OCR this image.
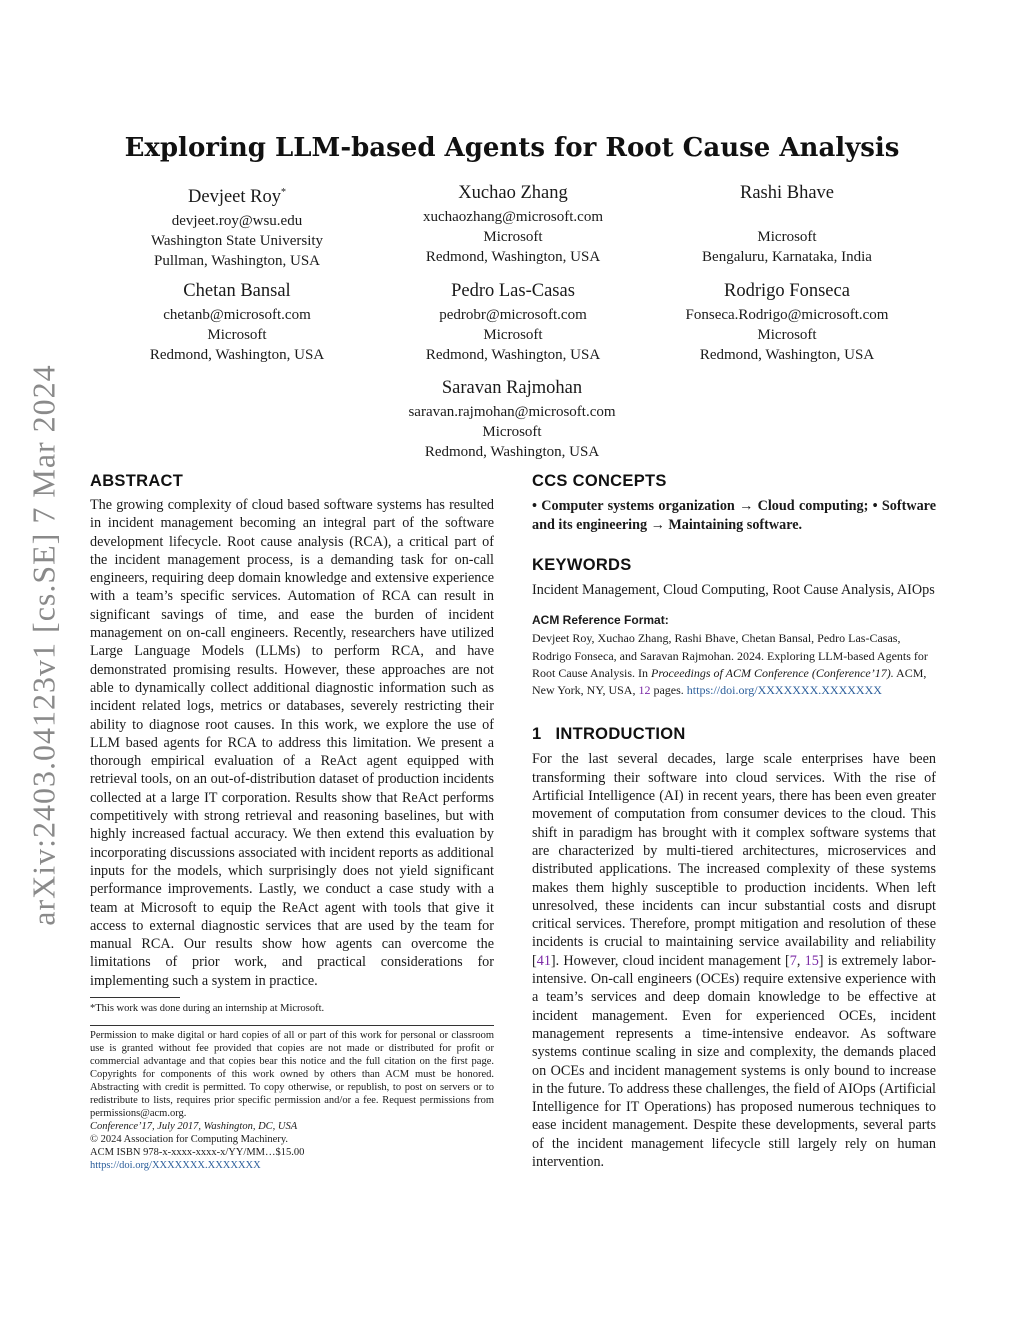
arXiv:2403.04123v1 [cs.SE] 7 Mar 2024
Exploring LLM-based Agents for Root Cause Analysis
Devjeet Roy*
devjeet.roy@wsu.edu
Washington State University
Pullman, Washington, USA
Xuchao Zhang
xuchaozhang@microsoft.com
Microsoft
Redmond, Washington, USA
Rashi Bhave
Microsoft
Bengaluru, Karnataka, India
Chetan Bansal
chetanb@microsoft.com
Microsoft
Redmond, Washington, USA
Pedro Las-Casas
pedrobr@microsoft.com
Microsoft
Redmond, Washington, USA
Rodrigo Fonseca
Fonseca.Rodrigo@microsoft.com
Microsoft
Redmond, Washington, USA
Saravan Rajmohan
saravan.rajmohan@microsoft.com
Microsoft
Redmond, Washington, USA
ABSTRACT

The growing complexity of cloud based software systems has resulted in incident management becoming an integral part of the software development lifecycle. Root cause analysis (RCA), a critical part of the incident management process, is a demanding task for on-call engineers, requiring deep domain knowledge and extensive experience with a team’s specific services. Automation of RCA can result in significant savings of time, and ease the burden of incident management on on-call engineers. Recently, researchers have utilized Large Language Models (LLMs) to perform RCA, and have demonstrated promising results. However, these approaches are not able to dynamically collect additional diagnostic information such as incident related logs, metrics or databases, severely restricting their ability to diagnose root causes. In this work, we explore the use of LLM based agents for RCA to address this limitation. We present a thorough empirical evaluation of a ReAct agent equipped with retrieval tools, on an out-of-distribution dataset of production incidents collected at a large IT corporation. Results show that ReAct performs competitively with strong retrieval and reasoning baselines, but with highly increased factual accuracy. We then extend this evaluation by incorporating discussions associated with incident reports as additional inputs for the models, which surprisingly does not yield significant performance improvements. Lastly, we conduct a case study with a team at Microsoft to equip the ReAct agent with tools that give it access to external diagnostic services that are used by the team for manual RCA. Our results show how agents can overcome the limitations of prior work, and practical considerations for implementing such a system in practice.

*This work was done during an internship at Microsoft.

Permission to make digital or hard copies of all or part of this work for personal or classroom use is granted without fee provided that copies are not made or distributed for profit or commercial advantage and that copies bear this notice and the full citation on the first page. Copyrights for components of this work owned by others than ACM must be honored. Abstracting with credit is permitted. To copy otherwise, or republish, to post on servers or to redistribute to lists, requires prior specific permission and/or a fee. Request permissions from permissions@acm.org.

Conference’17, July 2017, Washington, DC, USA

© 2024 Association for Computing Machinery.

ACM ISBN 978-x-xxxx-xxxx-x/YY/MM…$15.00

https://doi.org/XXXXXXX.XXXXXXX

CCS CONCEPTS

• Computer systems organization → Cloud computing; • Software and its engineering → Maintaining software.

KEYWORDS

Incident Management, Cloud Computing, Root Cause Analysis, AIOps

ACM Reference Format:

Devjeet Roy, Xuchao Zhang, Rashi Bhave, Chetan Bansal, Pedro Las-Casas, Rodrigo Fonseca, and Saravan Rajmohan. 2024. Exploring LLM-based Agents for Root Cause Analysis. In Proceedings of ACM Conference (Conference’17). ACM, New York, NY, USA, 12 pages. https://doi.org/XXXXXXX.XXXXXXX

1 INTRODUCTION

For the last several decades, large scale enterprises have been transforming their software into cloud services. With the rise of Artificial Intelligence (AI) in recent years, there has been even greater movement of computation from consumer devices to the cloud. This shift in paradigm has brought with it complex software systems that are characterized by multi-tiered architectures, microservices and distributed applications. The increased complexity of these systems makes them highly susceptible to production incidents. When left unresolved, these incidents can incur substantial costs and disrupt critical services. Therefore, prompt mitigation and resolution of these incidents is crucial to maintaining service availability and reliability [41]. However, cloud incident management [7, 15] is extremely labor-intensive. On-call engineers (OCEs) require extensive experience with a team’s services and deep domain knowledge to be effective at incident management. Even for experienced OCEs, incident management represents a time-intensive endeavor. As software systems continue scaling in size and complexity, the demands placed on OCEs and incident management systems is only bound to increase in the future. To address these challenges, the field of AIOps (Artificial Intelligence for IT Operations) has proposed numerous techniques to ease incident management. Despite these developments, several parts of the incident management lifecycle still largely rely on human intervention.
